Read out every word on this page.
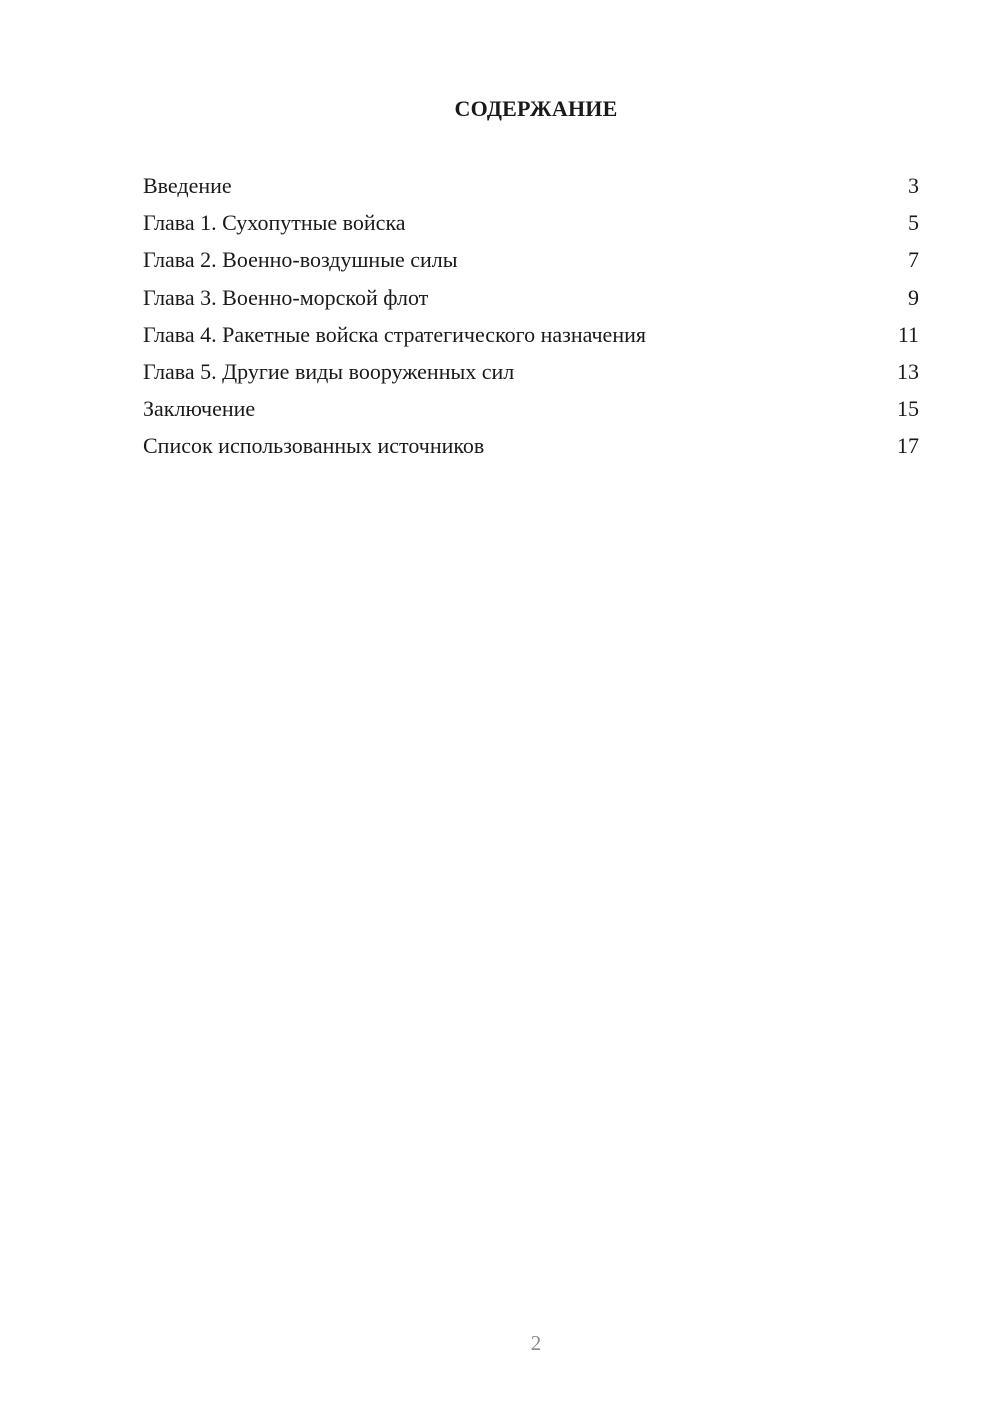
СОДЕРЖАНИЕ
Введение	3
Глава 1. Сухопутные войска	5
Глава 2. Военно-воздушные силы	7
Глава 3. Военно-морской флот	9
Глава 4. Ракетные войска стратегического назначения	11
Глава 5. Другие виды вооруженных сил	13
Заключение	15
Список использованных источников	17
2
